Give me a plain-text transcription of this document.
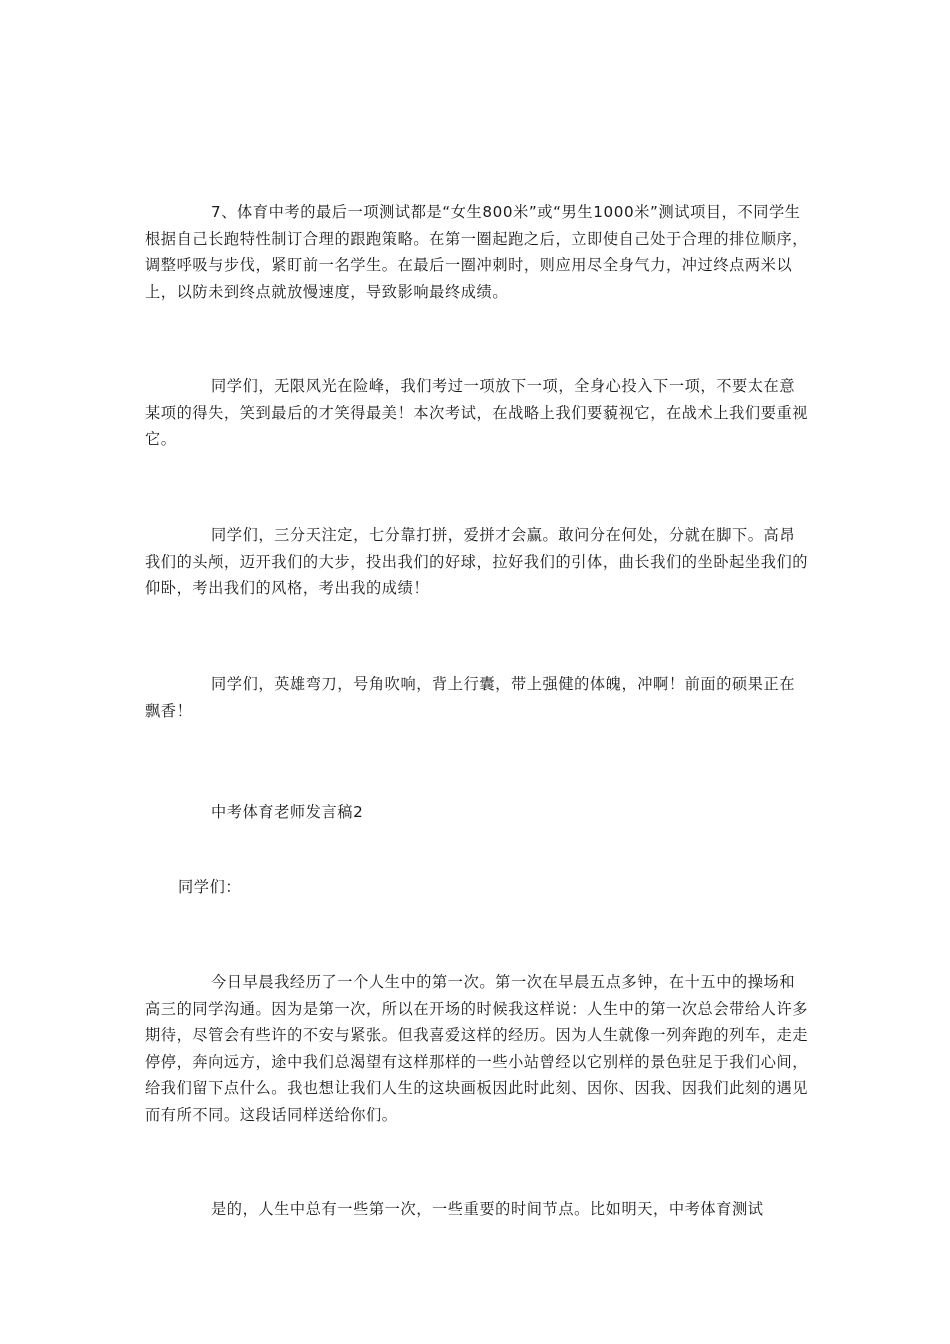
7、体育中考的最后一项测试都是“女生800米”或“男生1000米”测试项目，不同学生根据自己长跑特性制订合理的跟跑策略。在第一圈起跑之后，立即使自己处于合理的排位顺序，调整呼吸与步伐，紧盯前一名学生。在最后一圈冲刺时，则应用尽全身气力，冲过终点两米以上，以防未到终点就放慢速度，导致影响最终成绩。

同学们，无限风光在险峰，我们考过一项放下一项，全身心投入下一项，不要太在意某项的得失，笑到最后的才笑得最美！本次考试，在战略上我们要藐视它，在战术上我们要重视它。

同学们，三分天注定，七分靠打拼，爱拼才会赢。敢问分在何处，分就在脚下。高昂我们的头颅，迈开我们的大步，投出我们的好球，拉好我们的引体，曲长我们的坐卧起坐我们的仰卧，考出我们的风格，考出我的成绩！

同学们，英雄弯刀，号角吹响，背上行囊，带上强健的体魄，冲啊！前面的硕果正在飘香！

中考体育老师发言稿2

同学们：

今日早晨我经历了一个人生中的第一次。第一次在早晨五点多钟，在十五中的操场和高三的同学沟通。因为是第一次，所以在开场的时候我这样说：人生中的第一次总会带给人许多期待，尽管会有些许的不安与紧张。但我喜爱这样的经历。因为人生就像一列奔跑的列车，走走停停，奔向远方，途中我们总渴望有这样那样的一些小站曾经以它别样的景色驻足于我们心间，给我们留下点什么。我也想让我们人生的这块画板因此时此刻、因你、因我、因我们此刻的遇见而有所不同。这段话同样送给你们。

是的，人生中总有一些第一次，一些重要的时间节点。比如明天，中考体育测试
